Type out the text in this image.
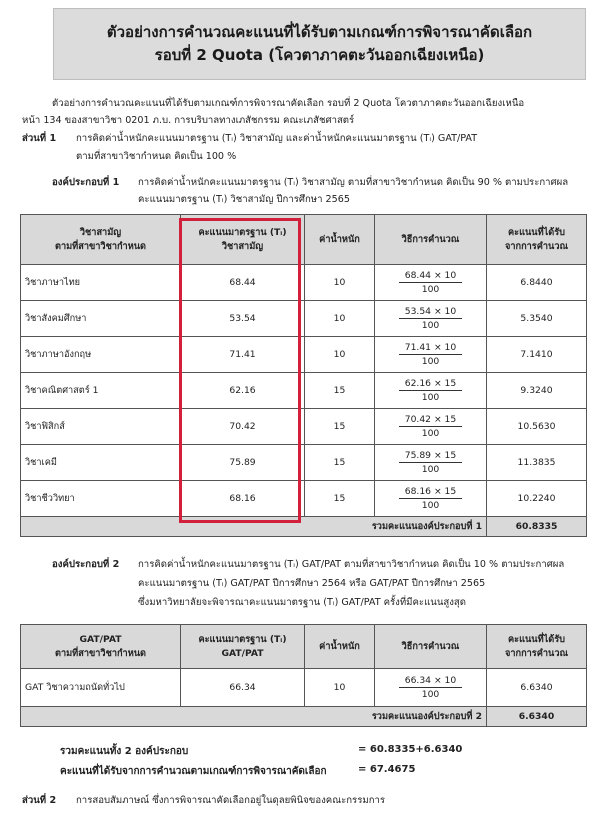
ตัวอย่างการคำนวณคะแนนที่ได้รับตามเกณฑ์การพิจารณาคัดเลือก
รอบที่ 2 Quota (โควตาภาคตะวันออกเฉียงเหนือ)
ตัวอย่างการคำนวณคะแนนที่ได้รับตามเกณฑ์การพิจารณาคัดเลือก รอบที่ 2 Quota โควตาภาคตะวันออกเฉียงเหนือ
หน้า 134 ของสาขาวิชา 0201 ภ.บ. การบริบาลทางเภสัชกรรม คณะเภสัชศาสตร์
ส่วนที่ 1 การคิดค่าน้ำหนักคะแนนมาตรฐาน (Tᵢ) วิชาสามัญ และค่าน้ำหนักคะแนนมาตรฐาน (Tᵢ) GAT/PAT
ตามที่สาขาวิชากำหนด คิดเป็น 100 %
องค์ประกอบที่ 1 การคิดค่าน้ำหนักคะแนนมาตรฐาน (Tᵢ) วิชาสามัญ ตามที่สาขาวิชากำหนด คิดเป็น 90 % ตามประกาศผล
คะแนนมาตรฐาน (Tᵢ) วิชาสามัญ ปีการศึกษา 2565
วิชาสามัญ
ตามที่สาขาวิชากำหนด	คะแนนมาตรฐาน (Tᵢ)
วิชาสามัญ	ค่าน้ำหนัก	วิธีการคำนวณ	คะแนนที่ได้รับ
จากการคำนวณ
วิชาภาษาไทย	68.44	10	$\frac{68.44 \times 10}{100}$	6.8440
วิชาสังคมศึกษา	53.54	10	$\frac{53.54 \times 10}{100}$	5.3540
วิชาภาษาอังกฤษ	71.41	10	$\frac{71.41 \times 10}{100}$	7.1410
วิชาคณิตศาสตร์ 1	62.16	15	$\frac{62.16 \times 15}{100}$	9.3240
วิชาฟิสิกส์	70.42	15	$\frac{70.42 \times 15}{100}$	10.5630
วิชาเคมี	75.89	15	$\frac{75.89 \times 15}{100}$	11.3835
วิชาชีววิทยา	68.16	15	$\frac{68.16 \times 15}{100}$	10.2240
รวมคะแนนองค์ประกอบที่ 1				60.8335
องค์ประกอบที่ 2 การคิดค่าน้ำหนักคะแนนมาตรฐาน (Tᵢ) GAT/PAT ตามที่สาขาวิชากำหนด คิดเป็น 10 % ตามประกาศผล
คะแนนมาตรฐาน (Tᵢ) GAT/PAT ปีการศึกษา 2564 หรือ GAT/PAT ปีการศึกษา 2565
ซึ่งมหาวิทยาลัยจะพิจารณาคะแนนมาตรฐาน (Tᵢ) GAT/PAT ครั้งที่มีคะแนนสูงสุด
GAT/PAT
ตามที่สาขาวิชากำหนด	คะแนนมาตรฐาน (Tᵢ)
GAT/PAT	ค่าน้ำหนัก	วิธีการคำนวณ	คะแนนที่ได้รับ
จากการคำนวณ
GAT วิชาความถนัดทั่วไป	66.34	10	$\frac{66.34 \times 10}{100}$	6.6340
รวมคะแนนองค์ประกอบที่ 2				6.6340
รวมคะแนนทั้ง 2 องค์ประกอบ	= 60.8335+6.6340
คะแนนที่ได้รับจากการคำนวณตามเกณฑ์การพิจารณาคัดเลือก	= 67.4675
ส่วนที่ 2 การสอบสัมภาษณ์ ซึ่งการพิจารณาคัดเลือกอยู่ในดุลยพินิจของคณะกรรมการ
